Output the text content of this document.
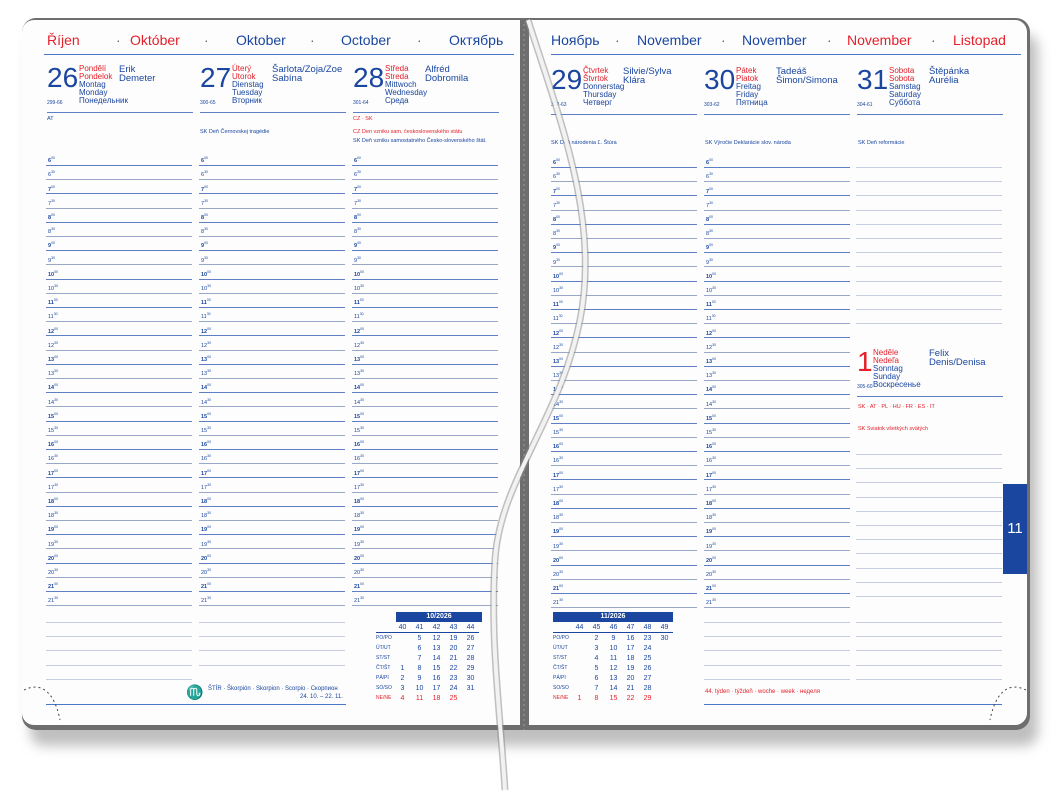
Říjen	· Október · Oktober · October · Октябрь	Ноябрь · November · November · November · Listopad
26 Pondělí
Pondelok
Montag
Monday
Понедельник
Erik
Demeter
299-66
27 Úterý
Utorok
Dienstag
Tuesday
Вторник
Šarlota/Zoja/Zoe
Sabína
300-65
28 Středa
Streda
Mittwoch
Wednesday
Среда
Alfréd
Dobromila
301-64
29 Čtvrtek
Štvrtok
Donnerstag
Thursday
Четверг
Silvie/Sylva
Klára
302-63
30 Pátek
Piatok
Freitag
Friday
Пятница
Tadeáš
Šimon/Simona
303-62
31 Sobota
Sobota
Samstag
Saturday
Суббота
Štěpánka
Aurélia
304-61
1 Neděle
Nedeľa
Sonntag
Sunday
Воскресенье
Felix
Denis/Denisa
305-60
AT
SK Deň Černovskej tragédie
CZ · SK
CZ Den vzniku sam. československého státu
SK Deň vzniku samostatného Česko-slovenského štát.	SK Deň národenia Ľ. Štúra	SK Výročie Deklarácie slov. národa	SK Deň reformácie
SK · AT · PL · HU · FR · ES · IT
SK Sviatok všetkých svätých
$6^{00}$
$6^{30}$
$7^{00}$
$7^{30}$
$8^{00}$
$8^{30}$
$9^{00}$
$9^{30}$
$10^{00}$
$10^{30}$
$11^{00}$
$11^{30}$
$12^{00}$
$12^{30}$
$13^{00}$
$13^{30}$
$14^{00}$
$14^{30}$
$15^{00}$
$15^{30}$
$16^{00}$
$16^{30}$
$17^{00}$
$17^{30}$
$18^{00}$
$18^{30}$
$19^{00}$
$19^{30}$
$20^{00}$
$20^{30}$
$21^{00}$
$21^{30}$
$6^{00}$
$6^{30}$
$7^{00}$
$7^{30}$
$8^{00}$
$8^{30}$
$9^{00}$
$9^{30}$
$10^{00}$
$10^{30}$
$11^{00}$
$11^{30}$
$12^{00}$
$12^{30}$
$13^{00}$
$13^{30}$
$14^{00}$
$14^{30}$
$15^{00}$
$15^{30}$
$16^{00}$
$16^{30}$
$17^{00}$
$17^{30}$
$18^{00}$
$18^{30}$
$19^{00}$
$19^{30}$
$20^{00}$
$20^{30}$
$21^{00}$
$21^{30}$
$6^{00}$
$6^{30}$
$7^{00}$
$7^{30}$
$8^{00}$
$8^{30}$
$9^{00}$
$9^{30}$
$10^{00}$
$10^{30}$
$11^{00}$
$11^{30}$
$12^{00}$
$12^{30}$
$13^{00}$
$13^{30}$
$14^{00}$
$14^{30}$
$15^{00}$
$15^{30}$
$16^{00}$
$16^{30}$
$17^{00}$
$17^{30}$
$18^{00}$
$18^{30}$
$19^{00}$
$19^{30}$
$20^{00}$
$20^{30}$
$21^{00}$
$21^{30}$
$6^{00}$
$6^{30}$
$7^{00}$
$7^{30}$
$8^{00}$
$8^{30}$
$9^{00}$
$9^{30}$
$10^{00}$
$10^{30}$
$11^{00}$
$11^{30}$
$12^{00}$
$12^{30}$
$13^{00}$
$13^{30}$
$14^{00}$
$14^{30}$
$15^{00}$
$15^{30}$
$16^{00}$
$16^{30}$
$17^{00}$
$17^{30}$
$18^{00}$
$18^{30}$
$19^{00}$
$19^{30}$
$20^{00}$
$20^{30}$
$21^{00}$
$21^{30}$
$6^{00}$
$6^{30}$
$7^{00}$
$7^{30}$
$8^{00}$
$8^{30}$
$9^{00}$
$9^{30}$
$10^{00}$
$10^{30}$
$11^{00}$
$11^{30}$
$12^{00}$
$12^{30}$
$13^{00}$
$13^{30}$
$14^{00}$
$14^{30}$
$15^{00}$
$15^{30}$
$16^{00}$
$16^{30}$
$17^{00}$
$17^{30}$
$18^{00}$
$18^{30}$
$19^{00}$
$19^{30}$
$20^{00}$
$20^{30}$
$21^{00}$
$21^{30}$
10/2026
	40	41	42	43	44
PO/PO		5	12	19	26
ÚT/UT		6	13	20	27
ST/ST		7	14	21	28
ČT/ŠT	1	8	15	22	29
PÁ/PI	2	9	16	23	30
SO/SO	3	10	17	24	31
NE/NE	4	11	18	25	
11/2026
	44	45	46	47	48	49
PO/PO		2	9	16	23	30
ÚT/UT		3	10	17	24	
ST/ST		4	11	18	25	
ČT/ŠT		5	12	19	26	
PÁ/PI		6	13	20	27	
SO/SO		7	14	21	28	
NE/NE	1	8	15	22	29	
♏ ŠTÍR · Škorpión · Skorpion · Scorpio · Скорпион
24. 10. – 22. 11.
44. týden · týždeň · woche · week · неделя
11
